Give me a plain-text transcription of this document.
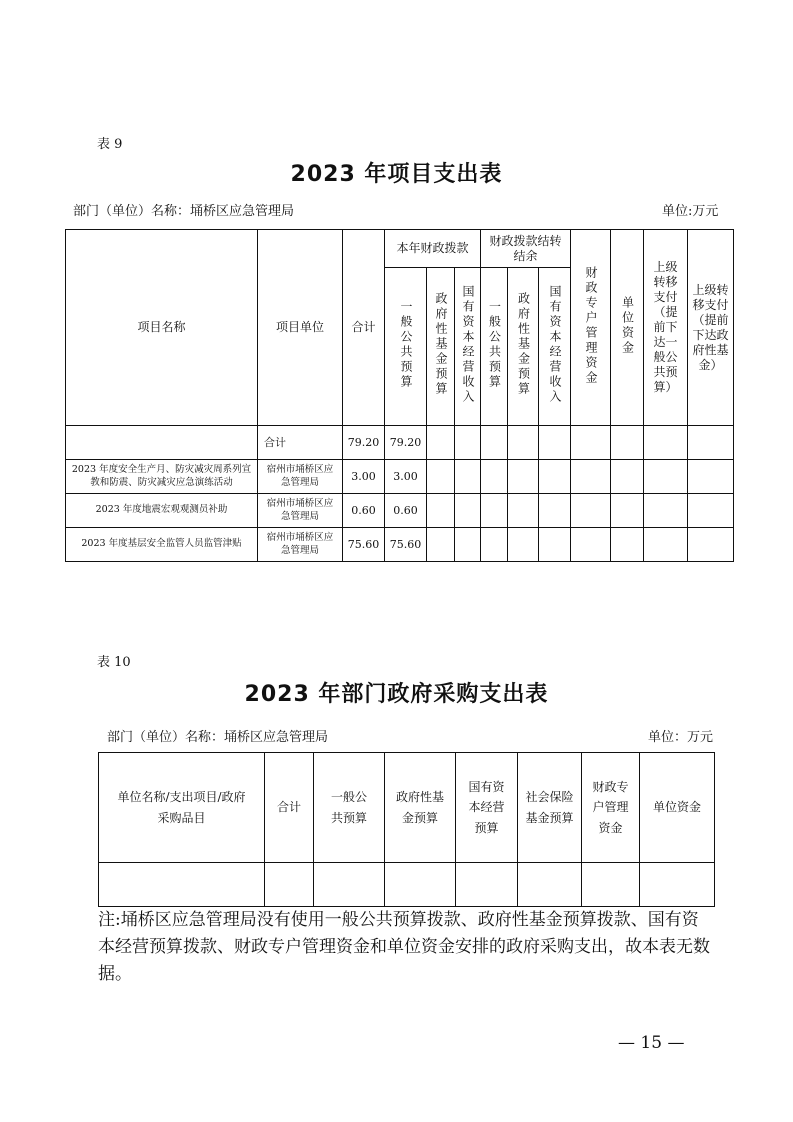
表 9
2023 年项目支出表
部门（单位）名称：埇桥区应急管理局	单位:万元
项目名称	项目单位	合计	本年财政拨款			财政拨款结转结余			财政专户管理资金	单位资金	上级转移支付（提前下达一般公共预算）	上级转移支付（提前下达政府性基金）
			一般公共预算	政府性基金预算	国有资本经营收入	一般公共预算	政府性基金预算	国有资本经营收入				
	合计	79.20	79.20									
2023 年度安全生产月、防灾减灾周系列宣教和防震、防灾减灾应急演练活动	宿州市埇桥区应急管理局	3.00	3.00									
2023 年度地震宏观观测员补助	宿州市埇桥区应急管理局	0.60	0.60									
2023 年度基层安全监管人员监管津贴	宿州市埇桥区应急管理局	75.60	75.60									
表 10
2023 年部门政府采购支出表
部门（单位）名称：埇桥区应急管理局	单位：万元
单位名称/支出项目/政府采购品目	合计	一般公共预算	政府性基金预算	国有资本经营预算	社会保险基金预算	财政专户管理资金	单位资金

注:埇桥区应急管理局没有使用一般公共预算拨款、政府性基金预算拨款、国有资本经营预算拨款、财政专户管理资金和单位资金安排的政府采购支出，故本表无数据。
— 15 —
